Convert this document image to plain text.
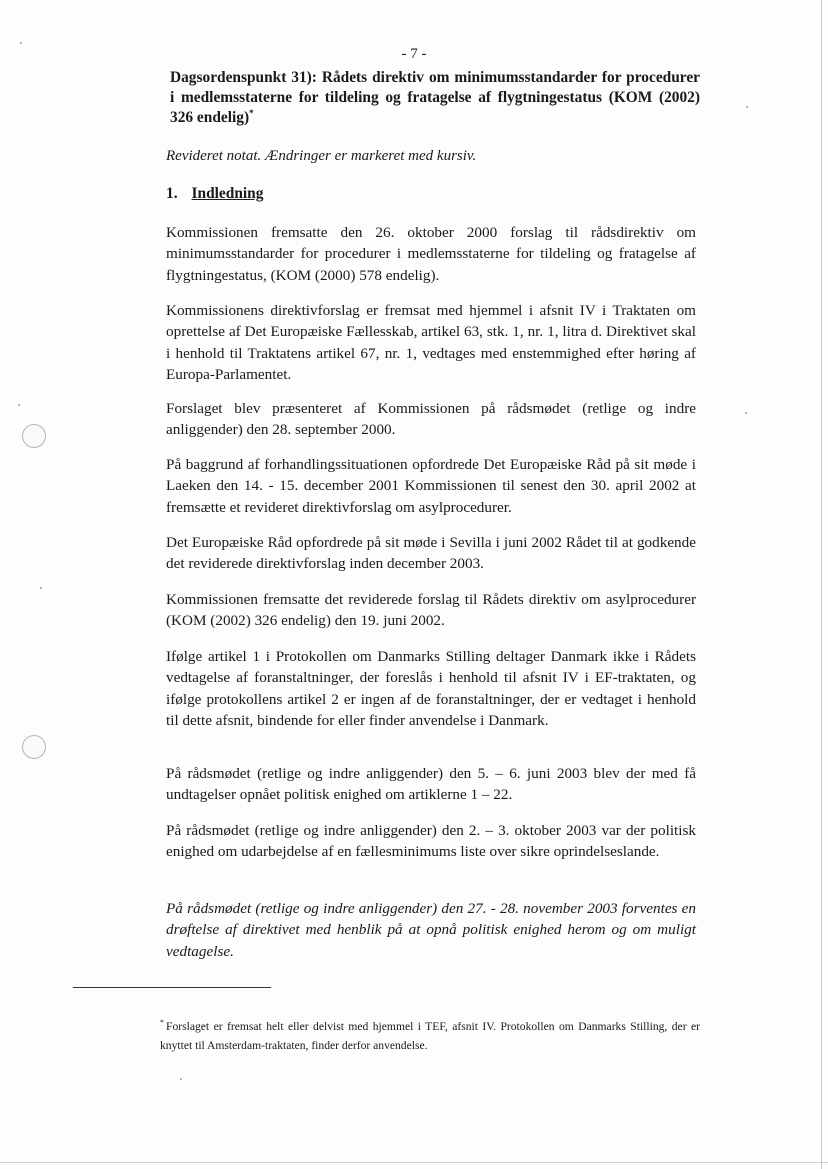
- 7 -
Dagsordenspunkt 31): Rådets direktiv om minimumsstandarder for procedurer i medlemsstaterne for tildeling og fratagelse af flygtningestatus (KOM (2002) 326 endelig)*
Revideret notat. Ændringer er markeret med kursiv.
1. Indledning

Kommissionen fremsatte den 26. oktober 2000 forslag til rådsdirektiv om minimumsstandarder for procedurer i medlemsstaterne for tildeling og fratagelse af flygtningestatus, (KOM (2000) 578 endelig).

Kommissionens direktivforslag er fremsat med hjemmel i afsnit IV i Traktaten om oprettelse af Det Europæiske Fællesskab, artikel 63, stk. 1, nr. 1, litra d. Direktivet skal i henhold til Traktatens artikel 67, nr. 1, vedtages med enstemmighed efter høring af Europa-Parlamentet.

Forslaget blev præsenteret af Kommissionen på rådsmødet (retlige og indre anliggender) den 28. september 2000.

På baggrund af forhandlingssituationen opfordrede Det Europæiske Råd på sit møde i Laeken den 14. - 15. december 2001 Kommissionen til senest den 30. april 2002 at fremsætte et revideret direktivforslag om asylprocedurer.

Det Europæiske Råd opfordrede på sit møde i Sevilla i juni 2002 Rådet til at godkende det reviderede direktivforslag inden december 2003.

Kommissionen fremsatte det reviderede forslag til Rådets direktiv om asylprocedurer (KOM (2002) 326 endelig) den 19. juni 2002.

Ifølge artikel 1 i Protokollen om Danmarks Stilling deltager Danmark ikke i Rådets vedtagelse af foranstaltninger, der foreslås i henhold til afsnit IV i EF-traktaten, og ifølge protokollens artikel 2 er ingen af de foranstaltninger, der er vedtaget i henhold til dette afsnit, bindende for eller finder anvendelse i Danmark.

På rådsmødet (retlige og indre anliggender) den 5. – 6. juni 2003 blev der med få undtagelser opnået politisk enighed om artiklerne 1 – 22.

På rådsmødet (retlige og indre anliggender) den 2. – 3. oktober 2003 var der politisk enighed om udarbejdelse af en fællesminimums liste over sikre oprindelseslande.

På rådsmødet (retlige og indre anliggender) den 27. - 28. november 2003 forventes en drøftelse af direktivet med henblik på at opnå politisk enighed herom og om muligt vedtagelse.

* Forslaget er fremsat helt eller delvist med hjemmel i TEF, afsnit IV. Protokollen om Danmarks Stilling, der er knyttet til Amsterdam-traktaten, finder derfor anvendelse.
